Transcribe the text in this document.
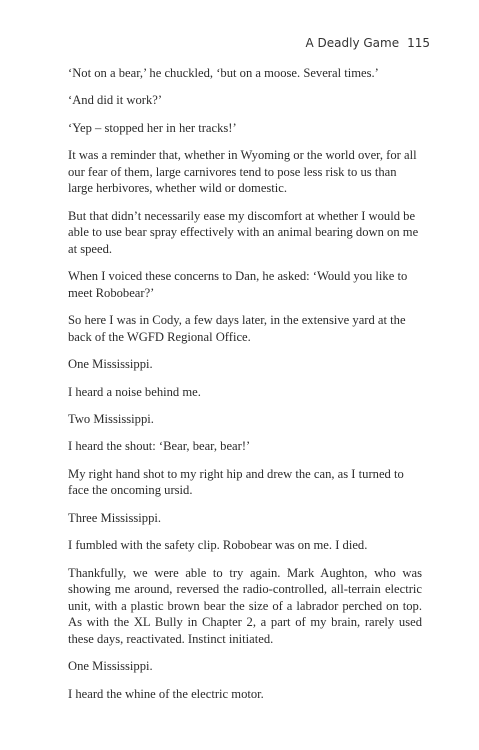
A Deadly Game 115

‘Not on a bear,’ he chuckled, ‘but on a moose. Several times.’

‘And did it work?’

‘Yep – stopped her in her tracks!’

It was a reminder that, whether in Wyoming or the world over, for all our fear of them, large carnivores tend to pose less risk to us than large herbivores, whether wild or domestic.

But that didn’t necessarily ease my discomfort at whether I would be able to use bear spray effectively with an animal bearing down on me at speed.

When I voiced these concerns to Dan, he asked: ‘Would you like to meet Robobear?’

So here I was in Cody, a few days later, in the extensive yard at the back of the WGFD Regional Office.

One Mississippi.

I heard a noise behind me.

Two Mississippi.

I heard the shout: ‘Bear, bear, bear!’

My right hand shot to my right hip and drew the can, as I turned to face the oncoming ursid.

Three Mississippi.

I fumbled with the safety clip. Robobear was on me. I died.

Thankfully, we were able to try again. Mark Aughton, who was showing me around, reversed the radio-controlled, all-terrain electric unit, with a plastic brown bear the size of a labrador perched on top. As with the XL Bully in Chapter 2, a part of my brain, rarely used these days, reactivated. Instinct initiated.

One Mississippi.

I heard the whine of the electric motor.
